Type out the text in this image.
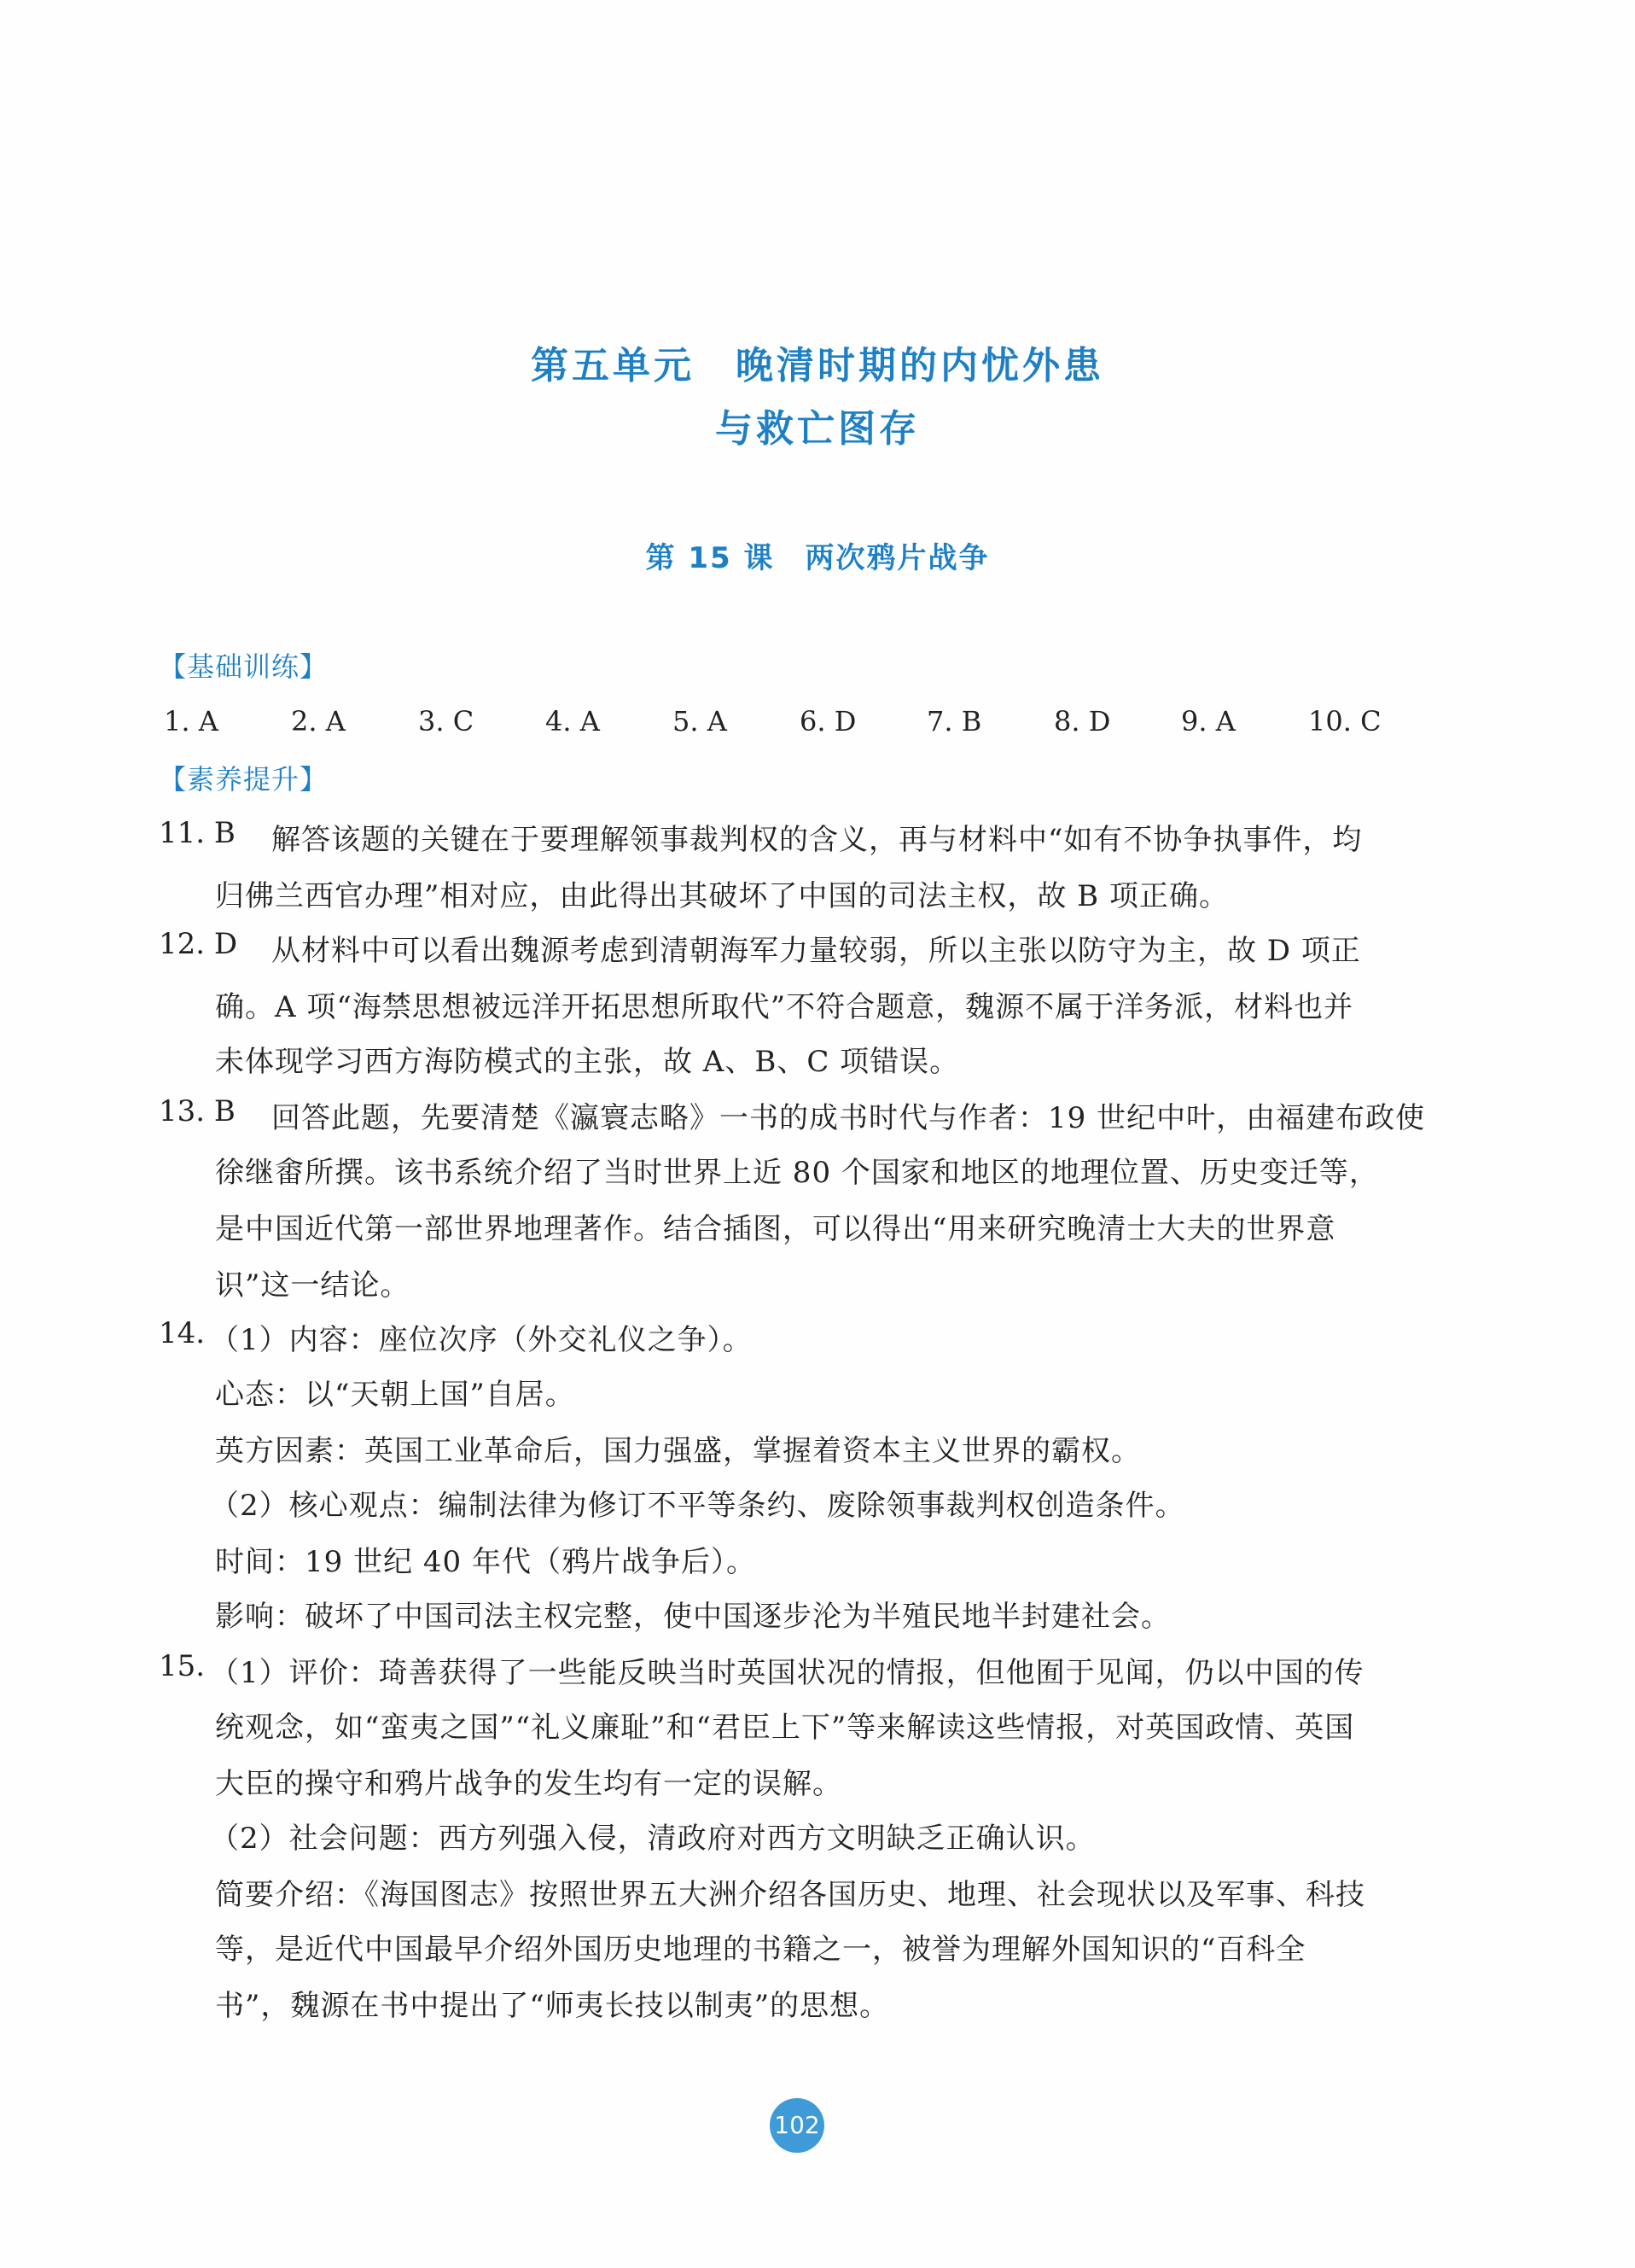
第五单元　晚清时期的内忧外患
与救亡图存
第 15 课　两次鸦片战争
【基础训练】
1. A	2. A	3. C	4. A	5. A	6. D	7. B	8. D	9. A	10. C
【素养提升】
11. B 解答该题的关键在于要理解领事裁判权的含义，再与材料中“如有不协争执事件，均
归佛兰西官办理”相对应，由此得出其破坏了中国的司法主权，故 B 项正确。
12. D 从材料中可以看出魏源考虑到清朝海军力量较弱，所以主张以防守为主，故 D 项正
确。A 项“海禁思想被远洋开拓思想所取代”不符合题意，魏源不属于洋务派，材料也并
未体现学习西方海防模式的主张，故 A、B、C 项错误。
13. B 回答此题，先要清楚《瀛寰志略》一书的成书时代与作者：19 世纪中叶，由福建布政使
徐继畬所撰。该书系统介绍了当时世界上近 80 个国家和地区的地理位置、历史变迁等，
是中国近代第一部世界地理著作。结合插图，可以得出“用来研究晚清士大夫的世界意
识”这一结论。
14. （1）内容：座位次序（外交礼仪之争）。
心态：以“天朝上国”自居。
英方因素：英国工业革命后，国力强盛，掌握着资本主义世界的霸权。
（2）核心观点：编制法律为修订不平等条约、废除领事裁判权创造条件。
时间：19 世纪 40 年代（鸦片战争后）。
影响：破坏了中国司法主权完整，使中国逐步沦为半殖民地半封建社会。
15. （1）评价：琦善获得了一些能反映当时英国状况的情报，但他囿于见闻，仍以中国的传
统观念，如“蛮夷之国”“礼义廉耻”和“君臣上下”等来解读这些情报，对英国政情、英国
大臣的操守和鸦片战争的发生均有一定的误解。
（2）社会问题：西方列强入侵，清政府对西方文明缺乏正确认识。
简要介绍：《海国图志》按照世界五大洲介绍各国历史、地理、社会现状以及军事、科技
等，是近代中国最早介绍外国历史地理的书籍之一，被誉为理解外国知识的“百科全
书”，魏源在书中提出了“师夷长技以制夷”的思想。
102
